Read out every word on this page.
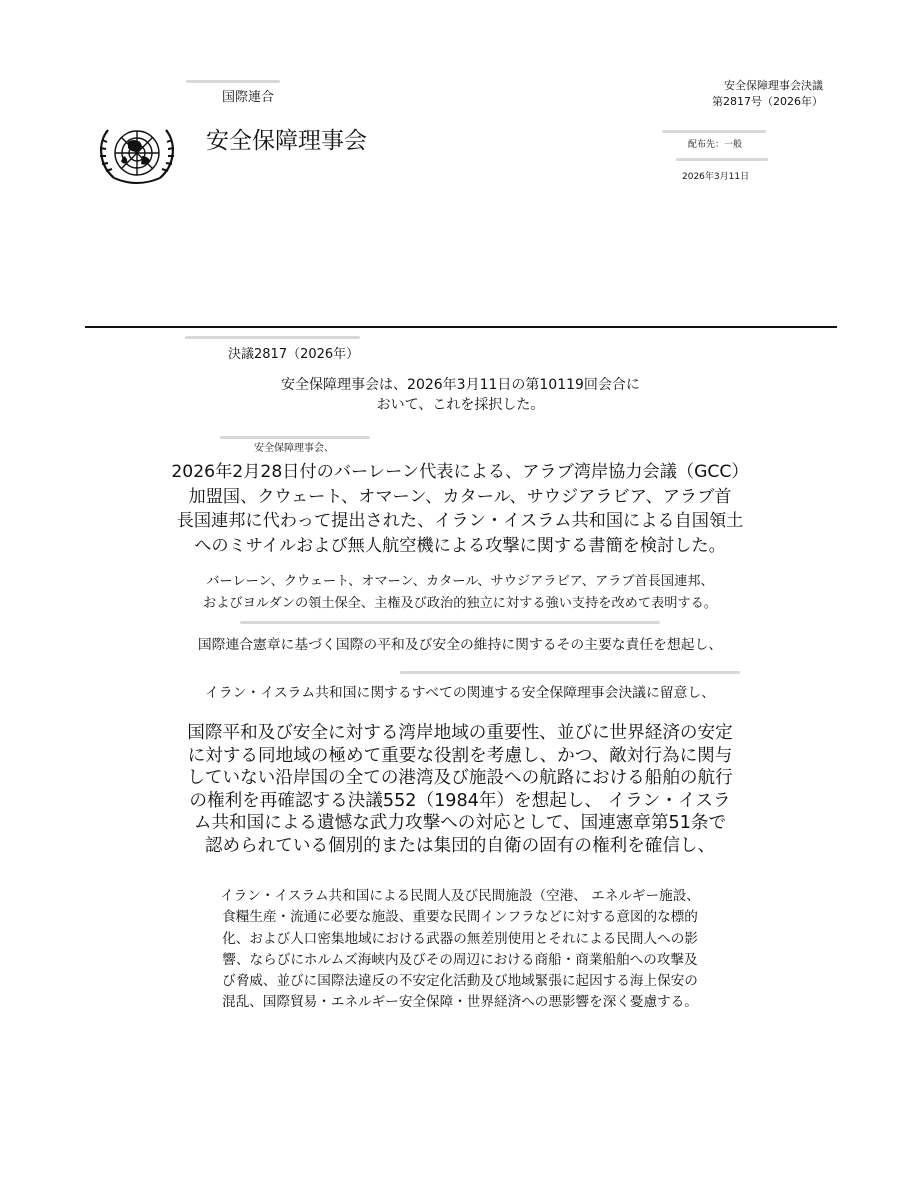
国際連合
安全保障理事会決議
第2817号（2026年）
安全保障理事会	配布先：一般
2026年3月11日
決議2817（2026年）
安全保障理事会は、2026年3月11日の第10119回会合に
おいて、これを採択した。
安全保障理事会、
2026年2月28日付のバーレーン代表による、アラブ湾岸協力会議（GCC）
加盟国、クウェート、オマーン、カタール、サウジアラビア、アラブ首
長国連邦に代わって提出された、イラン・イスラム共和国による自国領土
へのミサイルおよび無人航空機による攻撃に関する書簡を検討した。
バーレーン、クウェート、オマーン、カタール、サウジアラビア、アラブ首長国連邦、
およびヨルダンの領土保全、主権及び政治的独立に対する強い支持を改めて表明する。
国際連合憲章に基づく国際の平和及び安全の維持に関するその主要な責任を想起し、
イラン・イスラム共和国に関するすべての関連する安全保障理事会決議に留意し、
国際平和及び安全に対する湾岸地域の重要性、並びに世界経済の安定
に対する同地域の極めて重要な役割を考慮し、かつ、敵対行為に関与
していない沿岸国の全ての港湾及び施設への航路における船舶の航行
の権利を再確認する決議552（1984年）を想起し、 イラン・イスラ
ム共和国による遺憾な武力攻撃への対応として、国連憲章第51条で
認められている個別的または集団的自衛の固有の権利を確信し、
イラン・イスラム共和国による民間人及び民間施設（空港、 エネルギー施設、
食糧生産・流通に必要な施設、重要な民間インフラなどに対する意図的な標的
化、および人口密集地域における武器の無差別使用とそれによる民間人への影
響、ならびにホルムズ海峡内及びその周辺における商船・商業船舶への攻撃及
び脅威、並びに国際法違反の不安定化活動及び地域緊張に起因する海上保安の
混乱、国際貿易・エネルギー安全保障・世界経済への悪影響を深く憂慮する。
